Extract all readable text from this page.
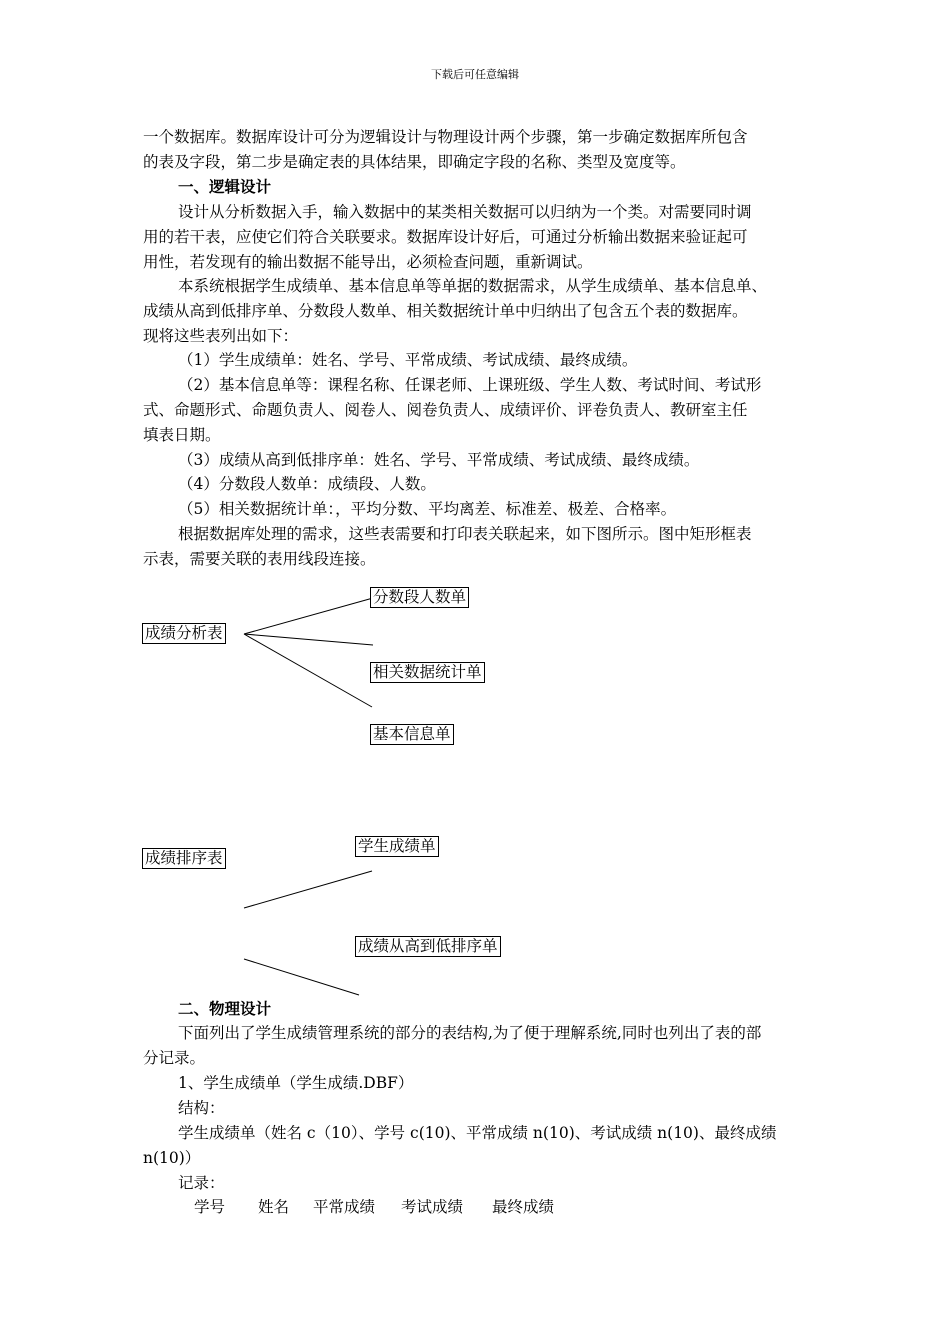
下载后可任意编辑
一个数据库。数据库设计可分为逻辑设计与物理设计两个步骤，第一步确定数据库所包含
的表及字段，第二步是确定表的具体结果，即确定字段的名称、类型及宽度等。
一、逻辑设计
设计从分析数据入手，输入数据中的某类相关数据可以归纳为一个类。对需要同时调
用的若干表，应使它们符合关联要求。数据库设计好后，可通过分析输出数据来验证起可
用性，若发现有的输出数据不能导出，必须检查问题，重新调试。
本系统根据学生成绩单、基本信息单等单据的数据需求，从学生成绩单、基本信息单、
成绩从高到低排序单、分数段人数单、相关数据统计单中归纳出了包含五个表的数据库。
现将这些表列出如下：
（1）学生成绩单：姓名、学号、平常成绩、考试成绩、最终成绩。
（2）基本信息单等：课程名称、任课老师、上课班级、学生人数、考试时间、考试形
式、命题形式、命题负责人、阅卷人、阅卷负责人、成绩评价、评卷负责人、教研室主任
填表日期。
（3）成绩从高到低排序单：姓名、学号、平常成绩、考试成绩、最终成绩。
（4）分数段人数单：成绩段、人数。
（5）相关数据统计单：，平均分数、平均离差、标准差、极差、合格率。
根据数据库处理的需求，这些表需要和打印表关联起来，如下图所示。图中矩形框表
示表，需要关联的表用线段连接。
成绩分析表
分数段人数单
相关数据统计单
基本信息单
成绩排序表
学生成绩单
成绩从高到低排序单
二、物理设计
下面列出了学生成绩管理系统的部分的表结构,为了便于理解系统,同时也列出了表的部
分记录。
1、学生成绩单（学生成绩.DBF）
结构：
学生成绩单（姓名 c（10）、学号 c(10)、平常成绩 n(10)、考试成绩 n(10)、最终成绩
n(10)）
记录：
学号 姓名 平常成绩 考试成绩 最终成绩
